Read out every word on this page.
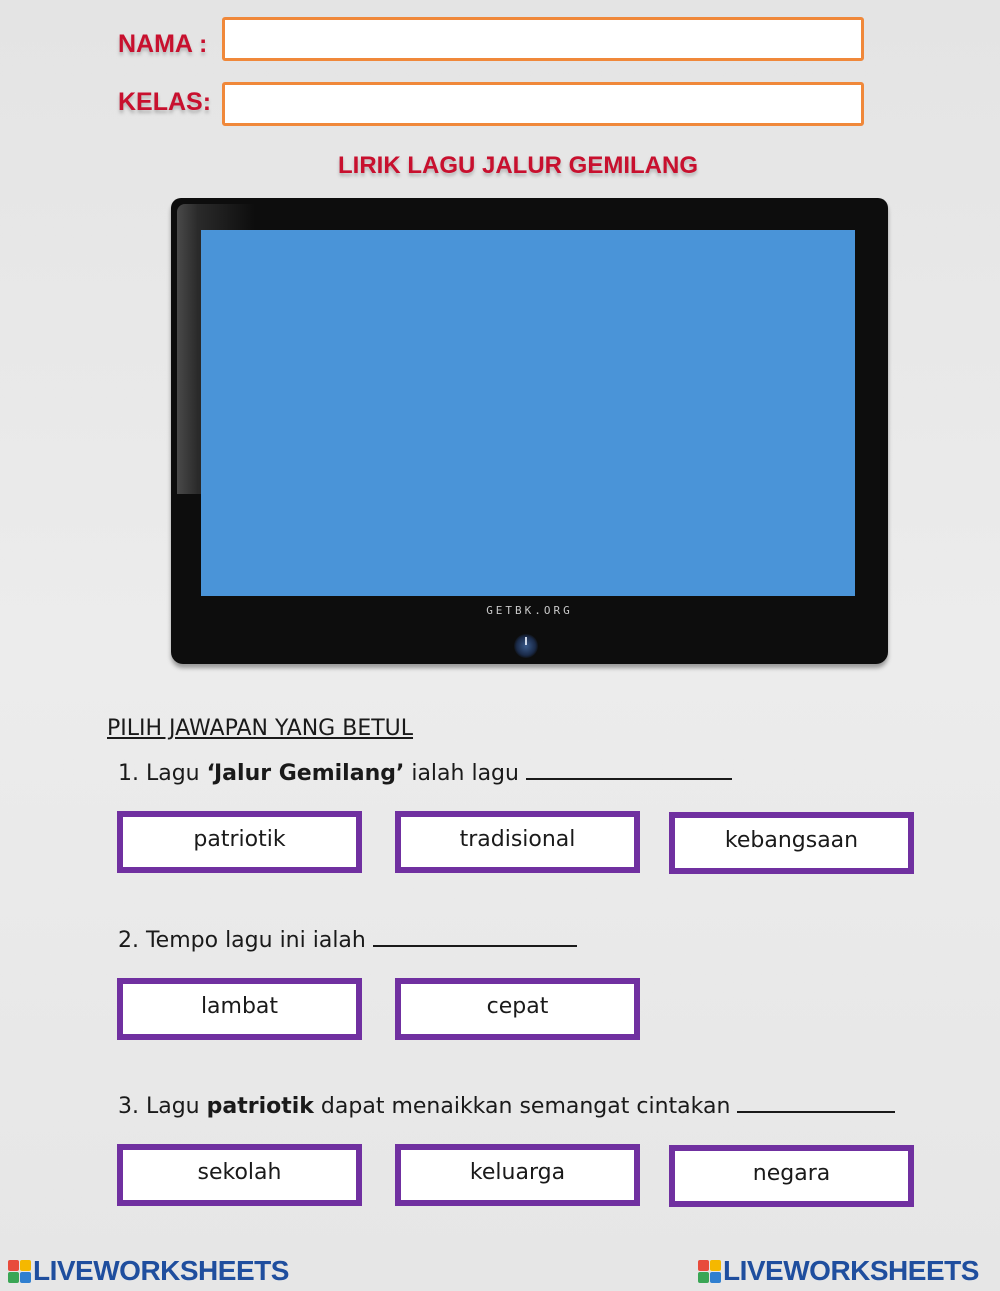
NAMA :
KELAS:
LIRIK LAGU JALUR GEMILANG
GETBK.ORG
PILIH JAWAPAN YANG BETUL
1. Lagu ‘Jalur Gemilang’ ialah lagu
patriotik	tradisional	kebangsaan
2. Tempo lagu ini ialah
lambat	cepat
3. Lagu patriotik dapat menaikkan semangat cintakan
sekolah	keluarga	negara
LIVEWORKSHEETS	LIVEWORKSHEETS
